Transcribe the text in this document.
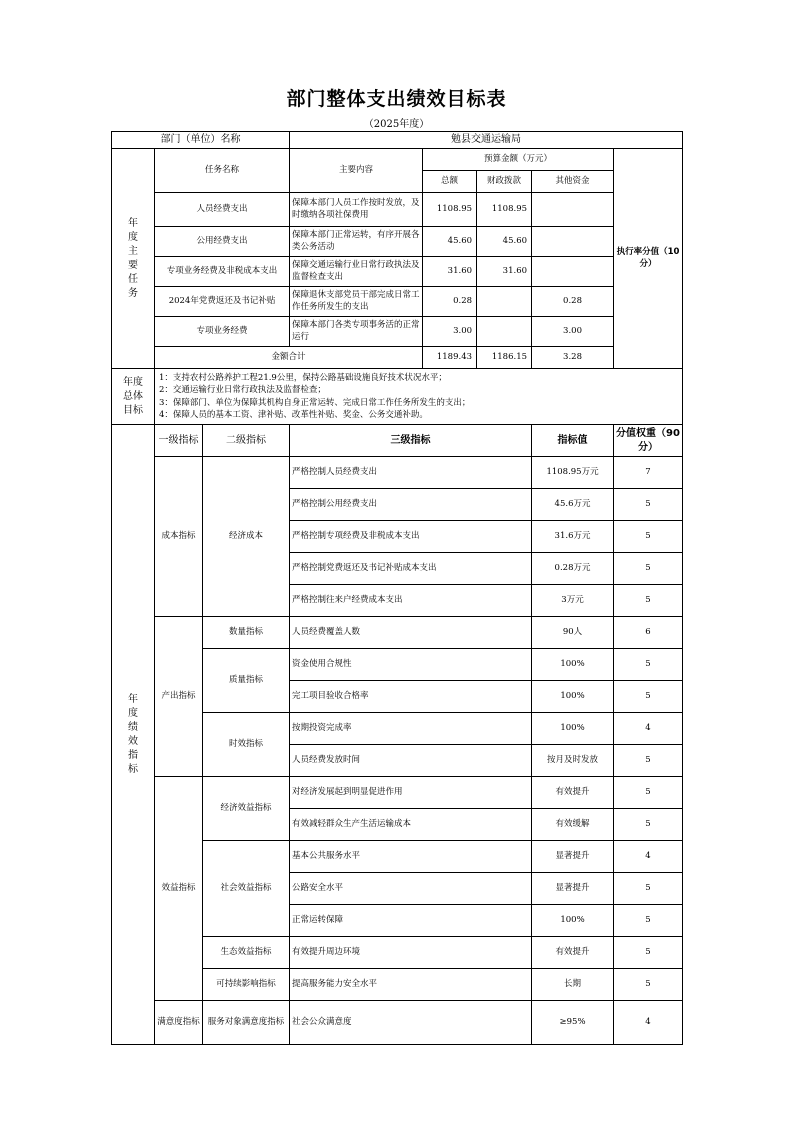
部门整体支出绩效目标表
（2025年度）
部门（单位）名称			勉县交通运输局				
年度主要任务	任务名称		主要内容	预算金额（万元）			执行率分值（10分）
				总额	财政拨款	其他资金	
	人员经费支出		保障本部门人员工作按时发放，及时缴纳各项社保费用	1108.95	1108.95		
	公用经费支出		保障本部门正常运转，有序开展各类公务活动	45.60	45.60		
	专项业务经费及非税成本支出		保障交通运输行业日常行政执法及监督检查支出	31.60	31.60		
	2024年党费返还及书记补贴		保障退休支部党员干部完成日常工作任务所发生的支出	0.28		0.28	
	专项业务经费		保障本部门各类专项事务活的正常运行	3.00		3.00	
	金额合计			1189.43	1186.15	3.28	
年度总体目标	1：支持农村公路养护工程21.9公里，保持公路基础设施良好技术状况水平；
2：交通运输行业日常行政执法及监督检查；
3：保障部门、单位为保障其机构自身正常运转、完成日常工作任务所发生的支出；
4：保障人员的基本工资、津补贴、改革性补贴、奖金、公务交通补助。						

年度绩效指标	一级指标	二级指标	三级指标			指标值	分值权重（90分）
	成本指标	经济成本	严格控制人员经费支出			1108.95万元	7
			严格控制公用经费支出			45.6万元	5
			严格控制专项经费及非税成本支出			31.6万元	5
			严格控制党费返还及书记补贴成本支出			0.28万元	5
			严格控制往来户经费成本支出			3万元	5
	产出指标	数量指标	人员经费覆盖人数			90人	6
		质量指标	资金使用合规性			100%	5
			完工项目验收合格率			100%	5
		时效指标	按期投资完成率			100%	4
			人员经费发放时间			按月及时发放	5
	效益指标	经济效益指标	对经济发展起到明显促进作用			有效提升	5
			有效减轻群众生产生活运输成本			有效缓解	5
		社会效益指标	基本公共服务水平			显著提升	4
			公路安全水平			显著提升	5
			正常运转保障			100%	5
		生态效益指标	有效提升周边环境			有效提升	5
		可持续影响指标	提高服务能力安全水平			长期	5
	满意度指标	服务对象满意度指标	社会公众满意度			≥95%	4
